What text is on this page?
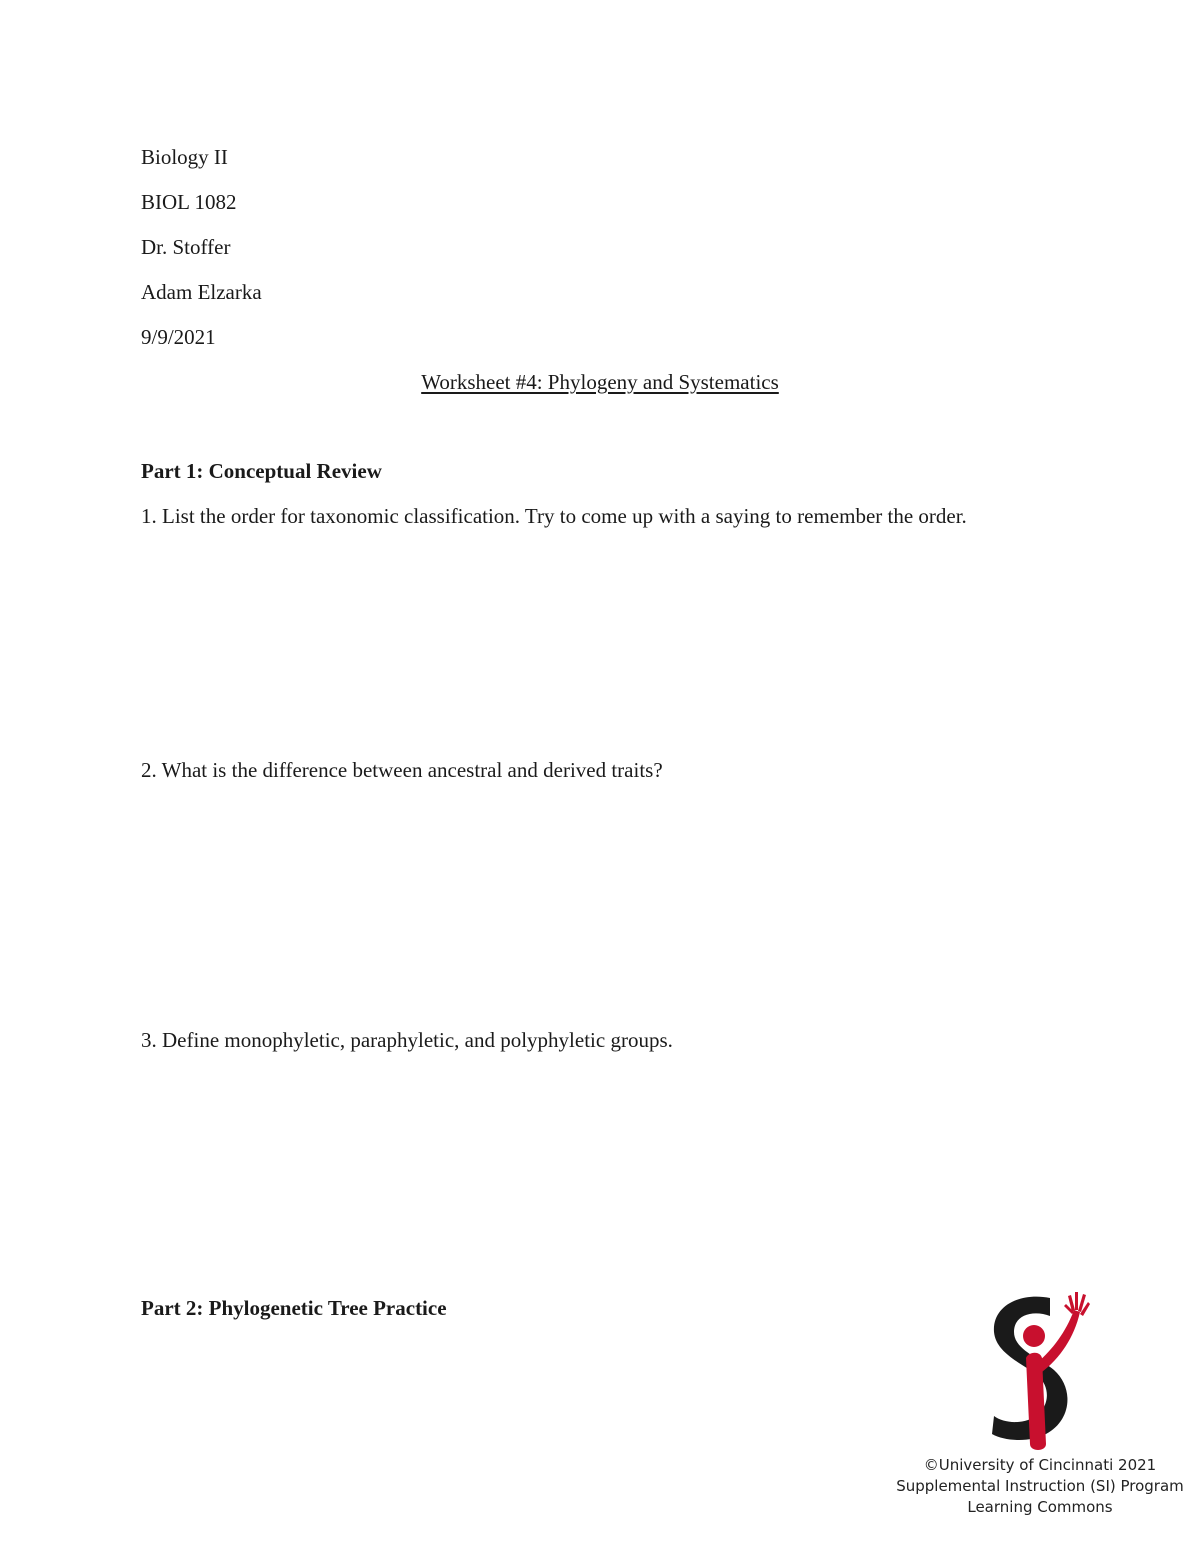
Biology II
BIOL 1082
Dr. Stoffer
Adam Elzarka
9/9/2021
Worksheet #4: Phylogeny and Systematics
Part 1: Conceptual Review
1. List the order for taxonomic classification. Try to come up with a saying to remember the order.
2. What is the difference between ancestral and derived traits?
3. Define monophyletic, paraphyletic, and polyphyletic groups.
Part 2: Phylogenetic Tree Practice
©University of Cincinnati 2021
Supplemental Instruction (SI) Program
Learning Commons
